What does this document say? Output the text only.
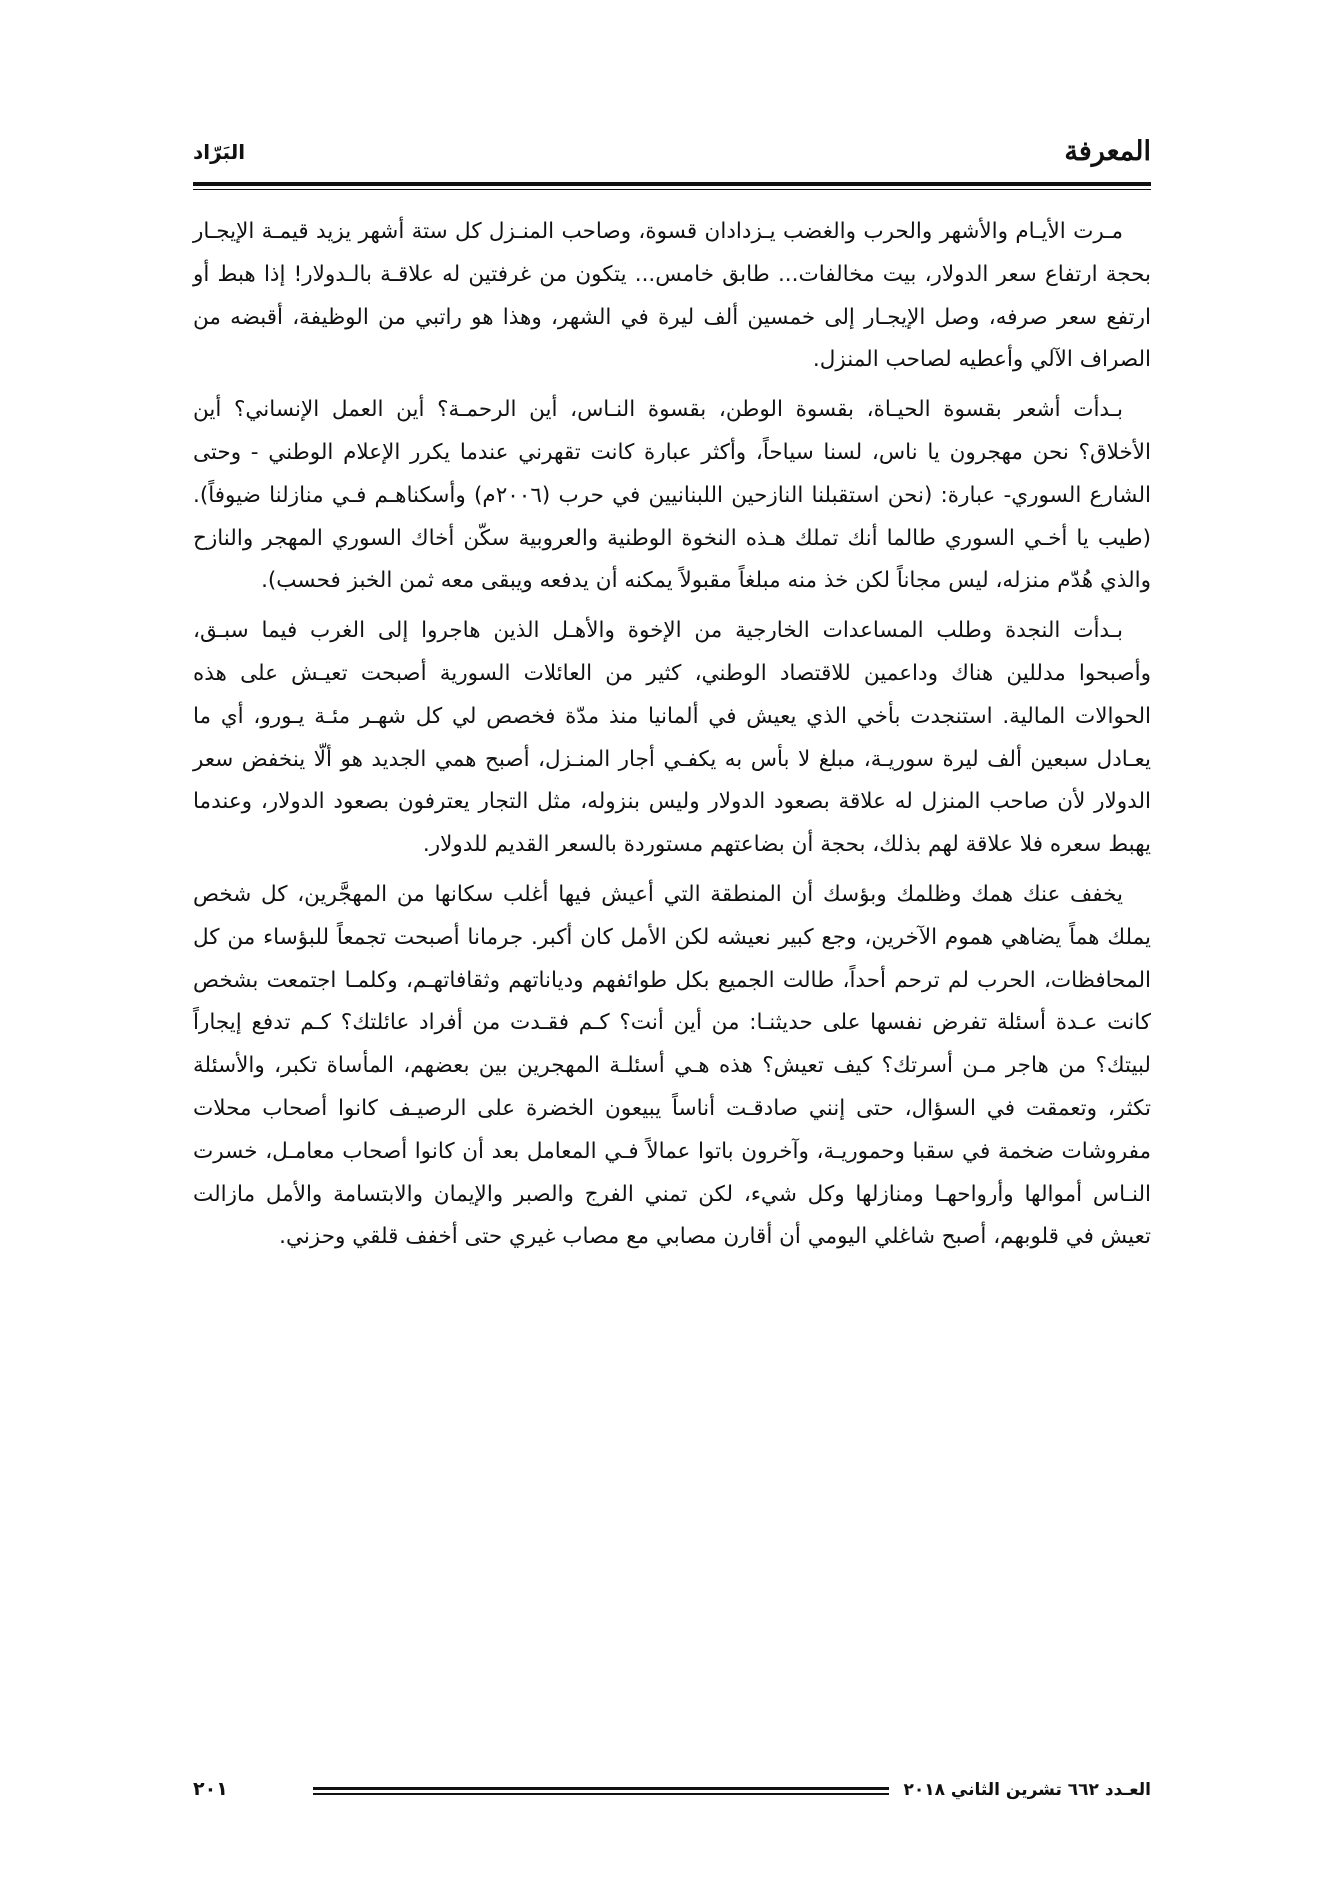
المعرفة
البَرّاد

مـرت الأيـام والأشهر والحرب والغضب يـزدادان قسوة، وصاحب المنـزل كل ستة أشهر يزيد قيمـة الإيجـار بحجة ارتفاع سعر الدولار، بيت مخالفات... طابق خامس... يتكون من غرفتين له علاقـة بالـدولار! إذا هبط أو ارتفع سعر صرفه، وصل الإيجـار إلى خمسين ألف ليرة في الشهر، وهذا هو راتبي من الوظيفة، أقبضه من الصراف الآلي وأعطيه لصاحب المنزل.

بـدأت أشعر بقسوة الحيـاة، بقسوة الوطن، بقسوة النـاس، أين الرحمـة؟ أين العمل الإنساني؟ أين الأخلاق؟ نحن مهجرون يا ناس، لسنا سياحاً، وأكثر عبارة كانت تقهرني عندما يكرر الإعلام الوطني - وحتى الشارع السوري- عبارة: (نحن استقبلنا النازحين اللبنانيين في حرب (٢٠٠٦م) وأسكناهـم فـي منازلنا ضيوفاً). (طيب يا أخـي السوري طالما أنك تملك هـذه النخوة الوطنية والعروبية سكّن أخاك السوري المهجر والنازح والذي هُدّم منزله، ليس مجاناً لكن خذ منه مبلغاً مقبولاً يمكنه أن يدفعه ويبقى معه ثمن الخبز فحسب).

بـدأت النجدة وطلب المساعدات الخارجية من الإخوة والأهـل الذين هاجروا إلى الغرب فيما سبـق، وأصبحوا مدللين هناك وداعمين للاقتصاد الوطني، كثير من العائلات السورية أصبحت تعيـش على هذه الحوالات المالية. استنجدت بأخي الذي يعيش في ألمانيا منذ مدّة فخصص لي كل شهـر مئـة يـورو، أي ما يعـادل سبعين ألف ليرة سوريـة، مبلغ لا بأس به يكفـي أجار المنـزل، أصبح همي الجديد هو ألّا ينخفض سعر الدولار لأن صاحب المنزل له علاقة بصعود الدولار وليس بنزوله، مثل التجار يعترفون بصعود الدولار، وعندما يهبط سعره فلا علاقة لهم بذلك، بحجة أن بضاعتهم مستوردة بالسعر القديم للدولار.

يخفف عنك همك وظلمك وبؤسك أن المنطقة التي أعيش فيها أغلب سكانها من المهجَّرين، كل شخص يملك هماً يضاهي هموم الآخرين، وجع كبير نعيشه لكن الأمل كان أكبر. جرمانا أصبحت تجمعاً للبؤساء من كل المحافظات، الحرب لم ترحم أحداً، طالت الجميع بكل طوائفهم ودياناتهم وثقافاتهـم، وكلمـا اجتمعت بشخص كانت عـدة أسئلة تفرض نفسها على حديثنـا: من أين أنت؟ كـم فقـدت من أفراد عائلتك؟ كـم تدفع إيجاراً لبيتك؟ من هاجر مـن أسرتك؟ كيف تعيش؟ هذه هـي أسئلـة المهجرين بين بعضهم، المأساة تكبر، والأسئلة تكثر، وتعمقت في السؤال، حتى إنني صادقـت أناساً يبيعون الخضرة على الرصيـف كانوا أصحاب محلات مفروشات ضخمة في سقبا وحموريـة، وآخرون باتوا عمالاً فـي المعامل بعد أن كانوا أصحاب معامـل، خسرت النـاس أموالها وأرواحهـا ومنازلها وكل شيء، لكن تمني الفرج والصبر والإيمان والابتسامة والأمل مازالت تعيش في قلوبهم، أصبح شاغلي اليومي أن أقارن مصابي مع مصاب غيري حتى أخفف قلقي وحزني.

العـدد ٦٦٢ تشرين الثاني ٢٠١٨
٢٠١
